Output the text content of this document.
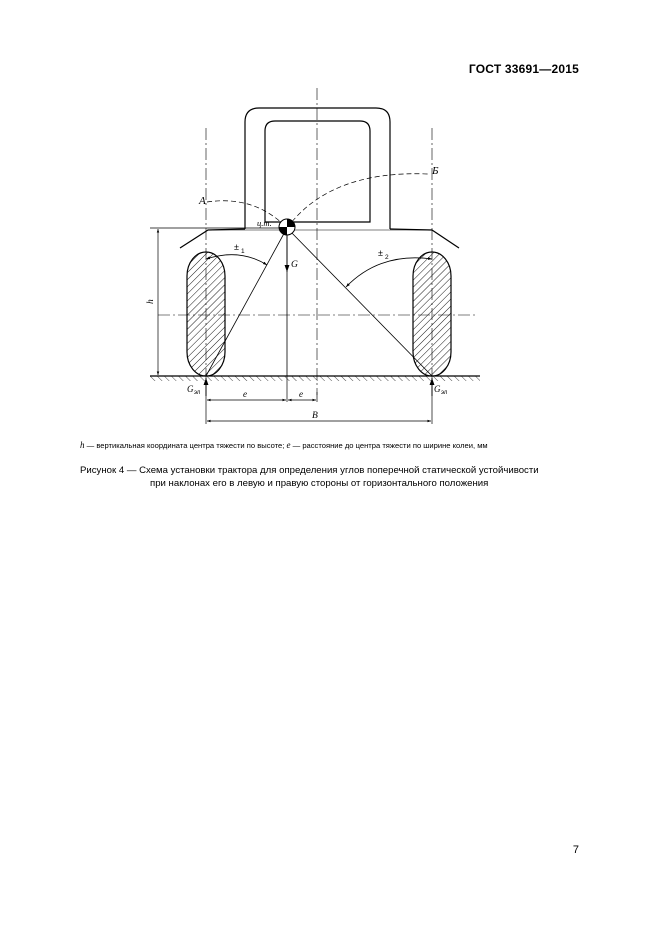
ГОСТ 33691—2015
А
Б
ц.т.
G
± 1	± 2
h
е	е
B
G эл	G эл
h — вертикальная координата центра тяжести по высоте; е — расстояние до центра тяжести по ширине колеи, мм
Рисунок 4 — Схема установки трактора для определения углов поперечной статической устойчивости
при наклонах его в левую и правую стороны от горизонтального положения
7
